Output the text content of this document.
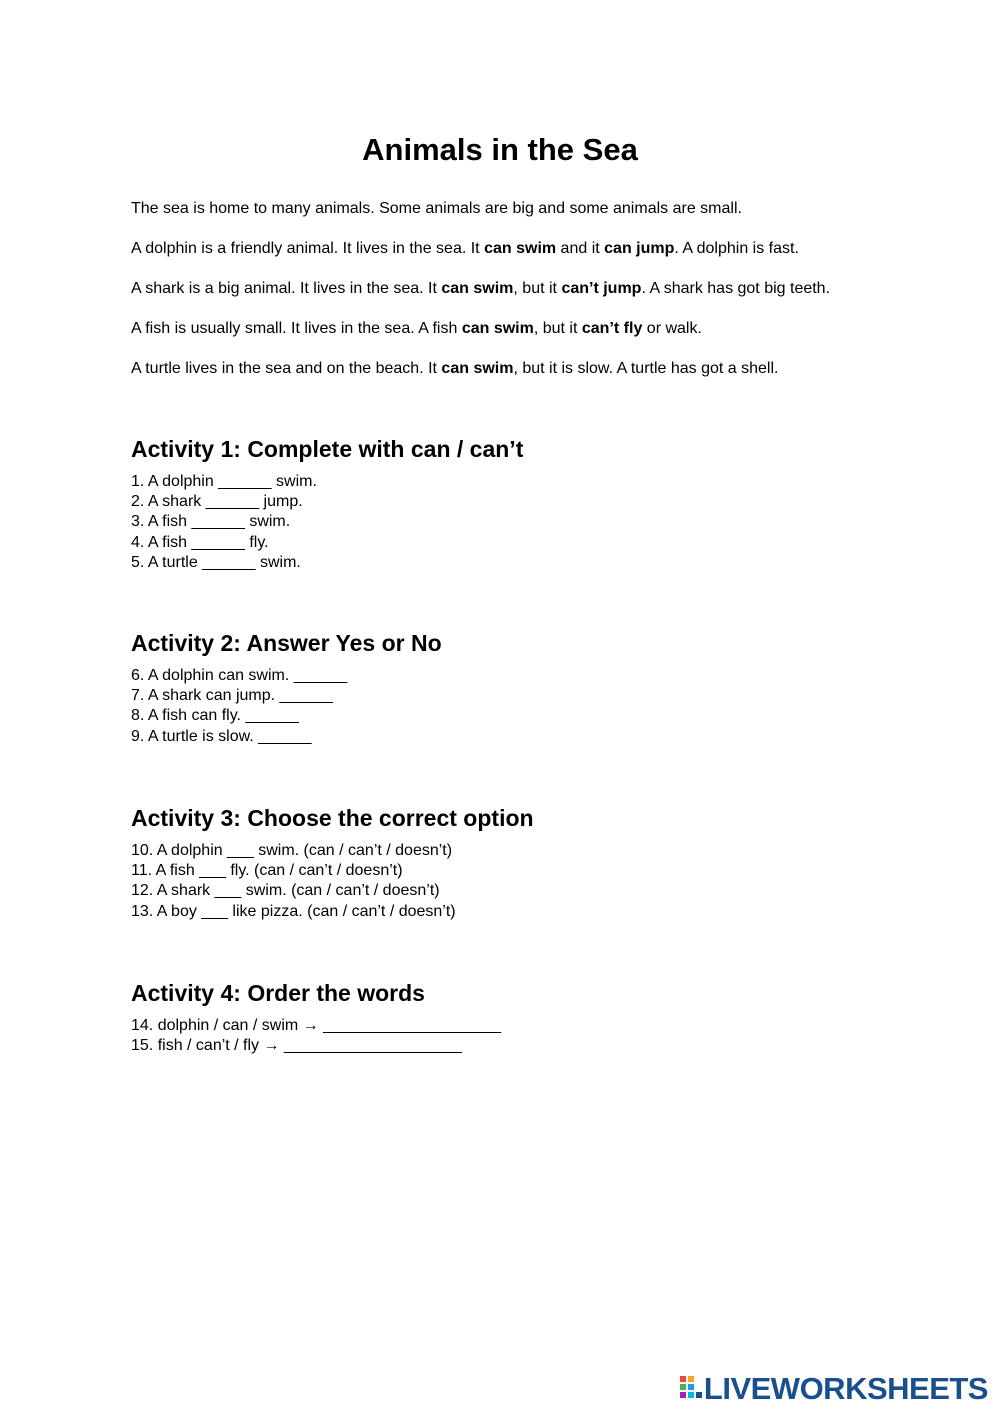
Animals in the Sea

The sea is home to many animals. Some animals are big and some animals are small.

A dolphin is a friendly animal. It lives in the sea. It can swim and it can jump. A dolphin is fast.

A shark is a big animal. It lives in the sea. It can swim, but it can’t jump. A shark has got big teeth.

A fish is usually small. It lives in the sea. A fish can swim, but it can’t fly or walk.

A turtle lives in the sea and on the beach. It can swim, but it is slow. A turtle has got a shell.

Activity 1: Complete with can / can’t
1. A dolphin ______ swim.
2. A shark ______ jump.
3. A fish ______ swim.
4. A fish ______ fly.
5. A turtle ______ swim.
Activity 2: Answer Yes or No
6. A dolphin can swim. ______
7. A shark can jump. ______
8. A fish can fly. ______
9. A turtle is slow. ______
Activity 3: Choose the correct option
10. A dolphin ___ swim. (can / can’t / doesn’t)
11. A fish ___ fly. (can / can’t / doesn’t)
12. A shark ___ swim. (can / can’t / doesn’t)
13. A boy ___ like pizza. (can / can’t / doesn’t)
Activity 4: Order the words
14. dolphin / can / swim → ____________________
15. fish / can’t / fly → ____________________
LIVEWORKSHEETS
